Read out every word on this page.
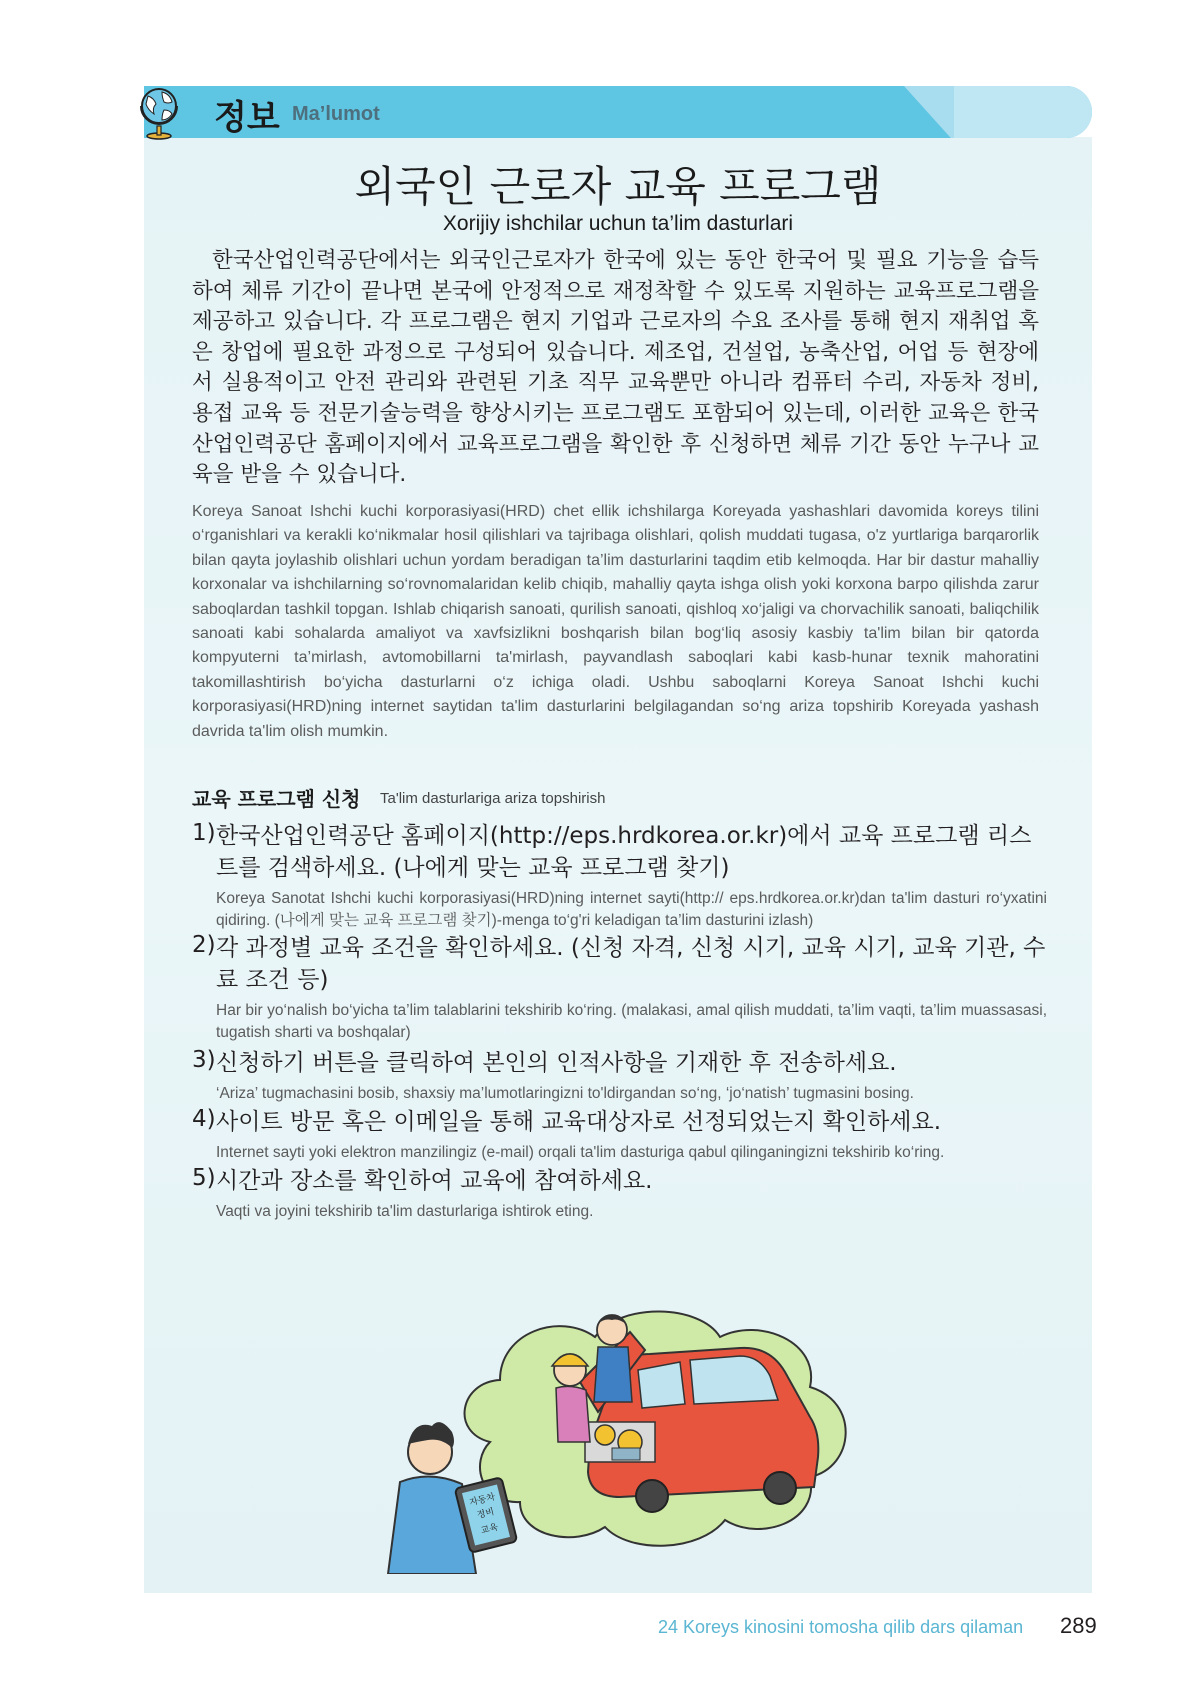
정보 Ma’lumot
외국인 근로자 교육 프로그램
Xorijiy ishchilar uchun ta’lim dasturlari

한국산업인력공단에서는 외국인근로자가 한국에 있는 동안 한국어 및 필요 기능을 습득하여 체류 기간이 끝나면 본국에 안정적으로 재정착할 수 있도록 지원하는 교육프로그램을 제공하고 있습니다. 각 프로그램은 현지 기업과 근로자의 수요 조사를 통해 현지 재취업 혹은 창업에 필요한 과정으로 구성되어 있습니다. 제조업, 건설업, 농축산업, 어업 등 현장에서 실용적이고 안전 관리와 관련된 기초 직무 교육뿐만 아니라 컴퓨터 수리, 자동차 정비, 용접 교육 등 전문기술능력을 향상시키는 프로그램도 포함되어 있는데, 이러한 교육은 한국산업인력공단 홈페이지에서 교육프로그램을 확인한 후 신청하면 체류 기간 동안 누구나 교육을 받을 수 있습니다.

Koreya Sanoat Ishchi kuchi korporasiyasi(HRD) chet ellik ichshilarga Koreyada yashashlari davomida koreys tilini o‘rganishlari va kerakli ko‘nikmalar hosil qilishlari va tajribaga olishlari, qolish muddati tugasa, o'z yurtlariga barqarorlik bilan qayta joylashib olishlari uchun yordam beradigan ta’lim dasturlarini taqdim etib kelmoqda. Har bir dastur mahalliy korxonalar va ishchilarning so‘rovnomalaridan kelib chiqib, mahalliy qayta ishga olish yoki korxona barpo qilishda zarur saboqlardan tashkil topgan. Ishlab chiqarish sanoati, qurilish sanoati, qishloq xo‘jaligi va chorvachilik sanoati, baliqchilik sanoati kabi sohalarda amaliyot va xavfsizlikni boshqarish bilan bog‘liq asosiy kasbiy ta'lim bilan bir qatorda kompyuterni ta’mirlash, avtomobillarni ta'mirlash, payvandlash saboqlari kabi kasb-hunar texnik mahoratini takomillashtirish bo‘yicha dasturlarni o‘z ichiga oladi. Ushbu saboqlarni Koreya Sanoat Ishchi kuchi korporasiyasi(HRD)ning internet saytidan ta'lim dasturlarini belgilagandan so‘ng ariza topshirib Koreyada yashash davrida ta'lim olish mumkin.

교육 프로그램 신청 Ta'lim dasturlariga ariza topshirish
1) 한국산업인력공단 홈페이지(http://eps.hrdkorea.or.kr)에서 교육 프로그램 리스트를 검색하세요. (나에게 맞는 교육 프로그램 찾기)
Koreya Sanotat Ishchi kuchi korporasiyasi(HRD)ning internet sayti(http:// eps.hrdkorea.or.kr)dan ta'lim dasturi ro‘yxatini qidiring. (나에게 맞는 교육 프로그램 찾기)-menga to‘g'ri keladigan ta’lim dasturini izlash)
2) 각 과정별 교육 조건을 확인하세요. (신청 자격, 신청 시기, 교육 시기, 교육 기관, 수료 조건 등)
Har bir yo‘nalish bo‘yicha ta’lim talablarini tekshirib ko‘ring. (malakasi, amal qilish muddati, ta’lim vaqti, ta’lim muassasasi, tugatish sharti va boshqalar)
3) 신청하기 버튼을 클릭하여 본인의 인적사항을 기재한 후 전송하세요.
‘Ariza’ tugmachasini bosib, shaxsiy ma’lumotlaringizni to'ldirgandan so‘ng, ‘jo‘natish’ tugmasini bosing.
4) 사이트 방문 혹은 이메일을 통해 교육대상자로 선정되었는지 확인하세요.
Internet sayti yoki elektron manzilingiz (e-mail) orqali ta'lim dasturiga qabul qilinganingizni tekshirib ko‘ring.
5) 시간과 장소를 확인하여 교육에 참여하세요.
Vaqti va joyini tekshirib ta'lim dasturlariga ishtirok eting.
자동차
정비
교육
24 Koreys kinosini tomosha qilib dars qilaman 289
